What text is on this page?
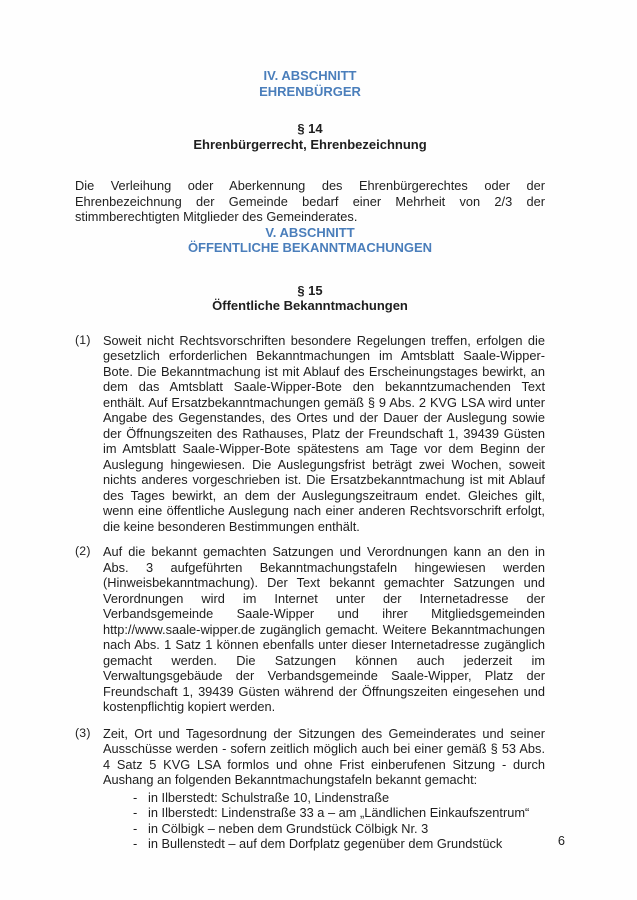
IV. ABSCHNITT
EHRENBÜRGER
§ 14
Ehrenbürgerrecht, Ehrenbezeichnung

Die Verleihung oder Aberkennung des Ehrenbürgerechtes oder der Ehrenbezeichnung der Gemeinde bedarf einer Mehrheit von 2/3 der stimmberechtigten Mitglieder des Gemeinderates.

V. ABSCHNITT
ÖFFENTLICHE BEKANNTMACHUNGEN
§ 15
Öffentliche Bekanntmachungen
(1) Soweit nicht Rechtsvorschriften besondere Regelungen treffen, erfolgen die gesetzlich erforderlichen Bekanntmachungen im Amtsblatt Saale-Wipper-Bote. Die Bekanntmachung ist mit Ablauf des Erscheinungstages bewirkt, an dem das Amtsblatt Saale-Wipper-Bote den bekanntzumachenden Text enthält. Auf Ersatzbekanntmachungen gemäß § 9 Abs. 2 KVG LSA wird unter Angabe des Gegenstandes, des Ortes und der Dauer der Auslegung sowie der Öffnungszeiten des Rathauses, Platz der Freundschaft 1, 39439 Güsten im Amtsblatt Saale-Wipper-Bote spätestens am Tage vor dem Beginn der Auslegung hingewiesen. Die Auslegungsfrist beträgt zwei Wochen, soweit nichts anderes vorgeschrieben ist. Die Ersatzbekanntmachung ist mit Ablauf des Tages bewirkt, an dem der Auslegungszeitraum endet. Gleiches gilt, wenn eine öffentliche Auslegung nach einer anderen Rechtsvorschrift erfolgt, die keine besonderen Bestimmungen enthält.

(2) Auf die bekannt gemachten Satzungen und Verordnungen kann an den in Abs. 3 aufgeführten Bekanntmachungstafeln hingewiesen werden (Hinweisbekanntmachung). Der Text bekannt gemachter Satzungen und Verordnungen wird im Internet unter der Internetadresse der Verbandsgemeinde Saale-Wipper und ihrer Mitgliedsgemeinden http://www.saale-wipper.de zugänglich gemacht. Weitere Bekanntmachungen nach Abs. 1 Satz 1 können ebenfalls unter dieser Internetadresse zugänglich gemacht werden. Die Satzungen können auch jederzeit im Verwaltungsgebäude der Verbandsgemeinde Saale-Wipper, Platz der Freundschaft 1, 39439 Güsten während der Öffnungszeiten eingesehen und kostenpflichtig kopiert werden.

(3) Zeit, Ort und Tagesordnung der Sitzungen des Gemeinderates und seiner Ausschüsse werden - sofern zeitlich möglich auch bei einer gemäß § 53 Abs. 4 Satz 5 KVG LSA formlos und ohne Frist einberufenen Sitzung - durch Aushang an folgenden Bekanntmachungstafeln bekannt gemacht:

- in Ilberstedt: Schulstraße 10, Lindenstraße
- in Ilberstedt: Lindenstraße 33 a – am „Ländlichen Einkaufszentrum“
- in Cölbigk – neben dem Grundstück Cölbigk Nr. 3
- in Bullenstedt – auf dem Dorfplatz gegenüber dem Grundstück	6
